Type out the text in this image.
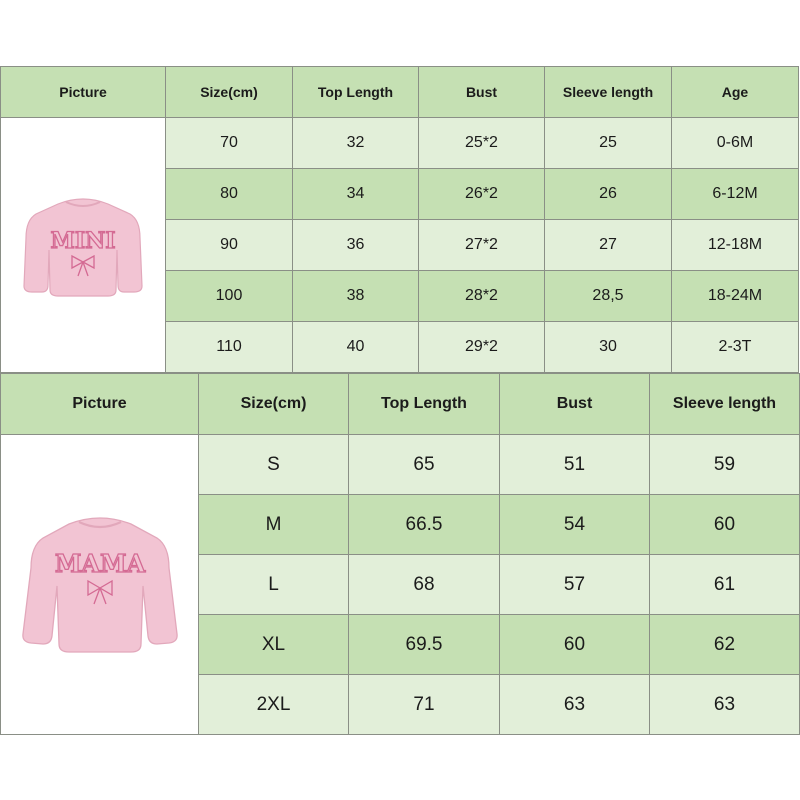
Picture	Size(cm)	Top Length	Bust	Sleeve length	Age

MINI	70	32	25*2	25	0-6M
	80	34	26*2	26	6-12M
	90	36	27*2	27	12-18M
	100	38	28*2	28,5	18-24M
	110	40	29*2	30	2-3T
Picture	Size(cm)	Top Length	Bust	Sleeve length

MAMA	S	65	51	59
	M	66.5	54	60
	L	68	57	61
	XL	69.5	60	62
	2XL	71	63	63
